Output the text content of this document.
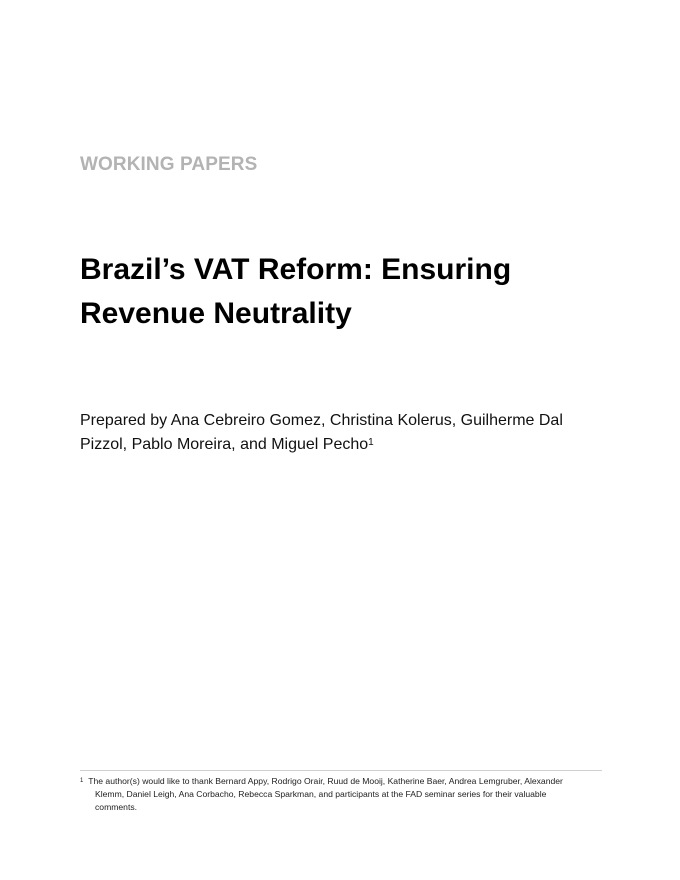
WORKING PAPERS
Brazil’s VAT Reform: Ensuring Revenue Neutrality
Prepared by Ana Cebreiro Gomez, Christina Kolerus, Guilherme Dal Pizzol, Pablo Moreira, and Miguel Pecho$^1$
$^1$ The author(s) would like to thank Bernard Appy, Rodrigo Orair, Ruud de Mooij, Katherine Baer, Andrea Lemgruber, Alexander Klemm, Daniel Leigh, Ana Corbacho, Rebecca Sparkman, and participants at the FAD seminar series for their valuable comments.
